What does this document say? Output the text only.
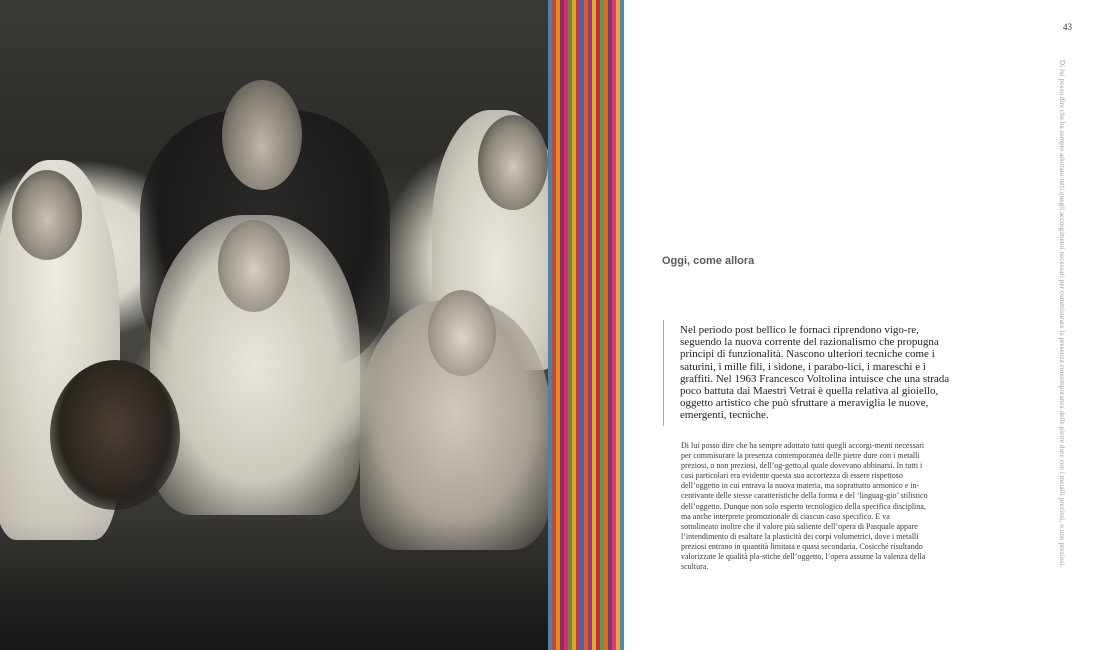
43
Di lui posso dire che ha sempre adottato tutti quegli accorgimenti necessari per commisurare la presenza contemporanea delle pietre dure con i metalli preziosi, o non preziosi.
Oggi, come allora

Nel periodo post bellico le fornaci riprendono vigo-re, seguendo la nuova corrente del razionalismo che propugna principi di funzionalità. Nascono ulteriori tecniche come i saturini, i mille fili, i sidone, i parabo-lici, i mareschi e i graffiti. Nel 1963 Francesco Voltolina intuisce che una strada poco battuta dai Maestri Vetrai è quella relativa al gioiello, oggetto artistico che può sfruttare a meraviglia le nuove, emergenti, tecniche.

Di lui posso dire che ha sempre adottato tutti quegli accorgi-menti necessari per commisurare la presenza contemporanea delle pietre dure con i metalli preziosi, o non preziosi, dell’og-getto,al quale dovevano abbinarsi. In tutti i casi particolari era evidente questa sua accortezza di essere rispettoso dell’oggetto in cui entrava la nuova materia, ma soprattutto armonico e in-centivante delle stesse caratteristiche della forma e del ‘linguag-gio’ stilistico dell’oggetto. Dunque non solo esperto tecnologico della specifica disciplina, ma anche interprete promozionale di ciascun caso specifico. E va sottolineato inoltre che il valore più saliente dell’opera di Pasquale appare l’intendimento di esaltare la plasticità dei corpi volumetrici, dove i metalli preziosi entrano in quantità limitata e quasi secondaria. Cosicché risultando valorizzate le qualità pla-stiche dell’oggetto, l’opera assume la valenza della scultura.
